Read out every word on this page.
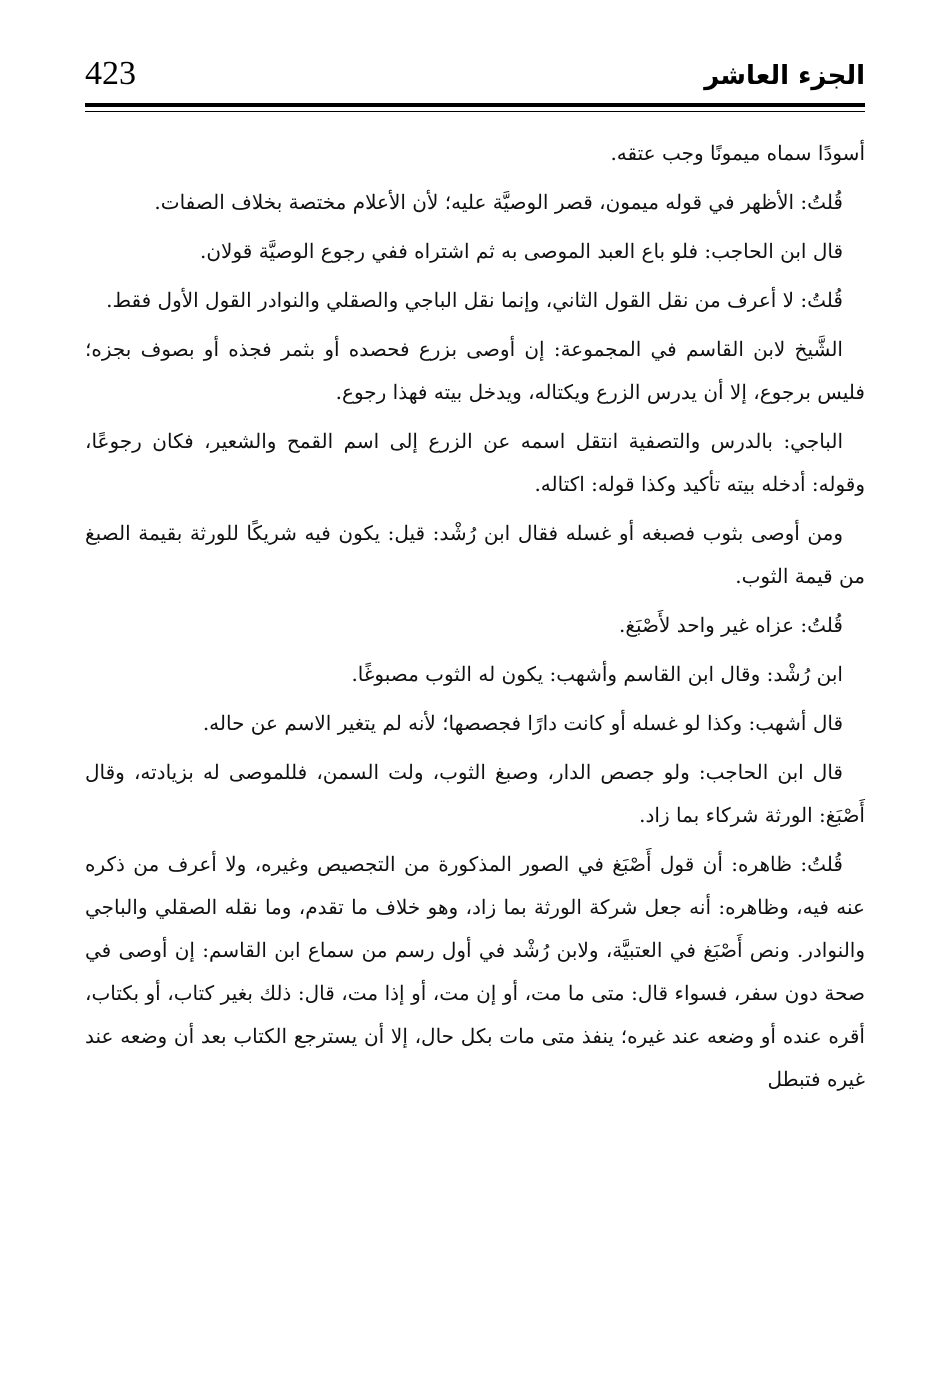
423	الجزء العاشر

أسودًا سماه ميمونًا وجب عتقه.

قُلتُ: الأظهر في قوله ميمون، قصر الوصيَّة عليه؛ لأن الأعلام مختصة بخلاف الصفات.

قال ابن الحاجب: فلو باع العبد الموصى به ثم اشتراه ففي رجوع الوصيَّة قولان.

قُلتُ: لا أعرف من نقل القول الثاني، وإنما نقل الباجي والصقلي والنوادر القول الأول فقط.

الشَّيخ لابن القاسم في المجموعة: إن أوصى بزرع فحصده أو بثمر فجذه أو بصوف بجزه؛ فليس برجوع، إلا أن يدرس الزرع ويكتاله، ويدخل بيته فهذا رجوع.

الباجي: بالدرس والتصفية انتقل اسمه عن الزرع إلى اسم القمح والشعير، فكان رجوعًا، وقوله: أدخله بيته تأكيد وكذا قوله: اكتاله.

ومن أوصى بثوب فصبغه أو غسله فقال ابن رُشْد: قيل: يكون فيه شريكًا للورثة بقيمة الصبغ من قيمة الثوب.

قُلتُ: عزاه غير واحد لأَصْبَغ.

ابن رُشْد: وقال ابن القاسم وأشهب: يكون له الثوب مصبوغًا.

قال أشهب: وكذا لو غسله أو كانت دارًا فجصصها؛ لأنه لم يتغير الاسم عن حاله.

قال ابن الحاجب: ولو جصص الدار، وصبغ الثوب، ولت السمن، فللموصى له بزيادته، وقال أَصْبَغ: الورثة شركاء بما زاد.

قُلتُ: ظاهره: أن قول أَصْبَغ في الصور المذكورة من التجصيص وغيره، ولا أعرف من ذكره عنه فيه، وظاهره: أنه جعل شركة الورثة بما زاد، وهو خلاف ما تقدم، وما نقله الصقلي والباجي والنوادر. ونص أَصْبَغ في العتبيَّة، ولابن رُشْد في أول رسم من سماع ابن القاسم: إن أوصى في صحة دون سفر، فسواء قال: متى ما مت، أو إن مت، أو إذا مت، قال: ذلك بغير كتاب، أو بكتاب، أقره عنده أو وضعه عند غيره؛ ينفذ متى مات بكل حال، إلا أن يسترجع الكتاب بعد أن وضعه عند غيره فتبطل
